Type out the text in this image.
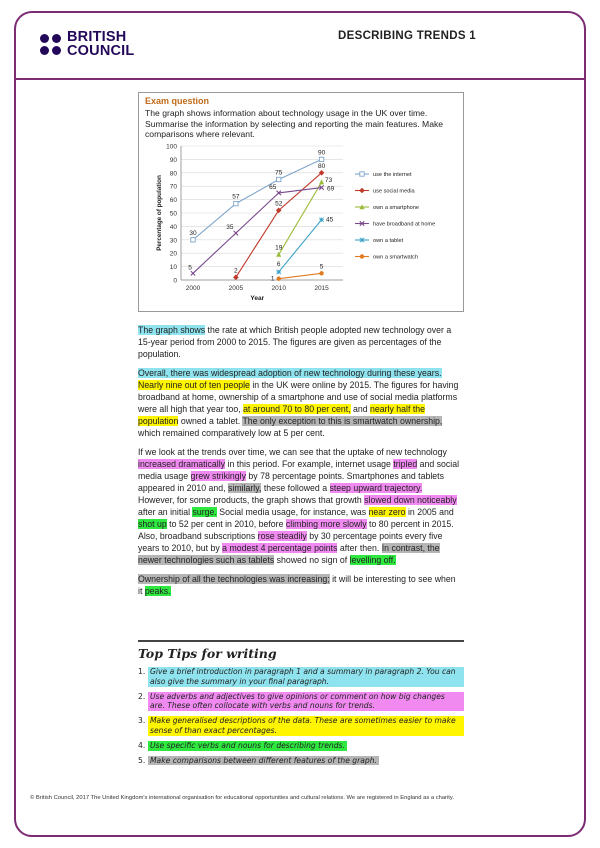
BRITISH
COUNCIL
DESCRIBING TRENDS 1
Exam question
The graph shows information about technology usage in the UK over time. Summarise the information by selecting and reporting the main features. Make comparisons where relevant.
0
10
20
30
40
50
60
70
80
90
100
2000	2005	2010	2015
Year
Percentage of population	30
57
75
90
2
52
80
19
73
5
35
65	69
6
45
1
5
use the internet
use social media
own a smartphone
have broadband at home
own a tablet
own a smartwatch

The graph shows the rate at which British people adopted new technology over a 15-year period from 2000 to 2015. The figures are given as percentages of the population.

Overall, there was widespread adoption of new technology during these years. Nearly nine out of ten people in the UK were online by 2015. The figures for having broadband at home, ownership of a smartphone and use of social media platforms were all high that year too, at around 70 to 80 per cent, and nearly half the population owned a tablet. The only exception to this is smartwatch ownership, which remained comparatively low at 5 per cent.

If we look at the trends over time, we can see that the uptake of new technology increased dramatically in this period. For example, internet usage tripled and social media usage grew strikingly by 78 percentage points. Smartphones and tablets appeared in 2010 and, similarly, these followed a steep upward trajectory. However, for some products, the graph shows that growth slowed down noticeably after an initial surge. Social media usage, for instance, was near zero in 2005 and shot up to 52 per cent in 2010, before climbing more slowly to 80 percent in 2015. Also, broadband subscriptions rose steadily by 30 percentage points every five years to 2010, but by a modest 4 percentage points after then. In contrast, the newer technologies such as tablets showed no sign of levelling off.

Ownership of all the technologies was increasing; it will be interesting to see when it peaks.

Top Tips for writing
1. Give a brief introduction in paragraph 1 and a summary in paragraph 2. You can also give the summary in your final paragraph.
2. Use adverbs and adjectives to give opinions or comment on how big changes are. These often collocate with verbs and nouns for trends.
3. Make generalised descriptions of the data. These are sometimes easier to make sense of than exact percentages.
4. Use specific verbs and nouns for describing trends.
5. Make comparisons between different features of the graph.
© British Council, 2017 The United Kingdom's international organisation for educational opportunities and cultural relations. We are registered in England as a charity.
